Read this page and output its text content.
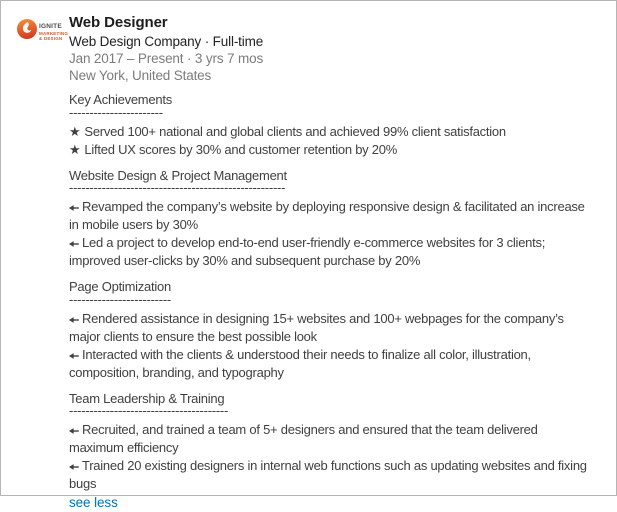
IGNITE
MARKETING
& DESIGN
Web Designer
Web Design Company · Full-time
Jan 2017 – Present · 3 yrs 7 mos
New York, United States
Key Achievements
-----------------------
★ Served 100+ national and global clients and achieved 99% client satisfaction
★ Lifted UX scores by 30% and customer retention by 20%
Website Design & Project Management
-----------------------------------------------------
Revamped the company’s website by deploying responsive design & facilitated an increase in mobile users by 30%
Led a project to develop end-to-end user-friendly e-commerce websites for 3 clients; improved user-clicks by 30% and subsequent purchase by 20%
Page Optimization
-------------------------
Rendered assistance in designing 15+ websites and 100+ webpages for the company’s major clients to ensure the best possible look
Interacted with the clients & understood their needs to finalize all color, illustration, composition, branding, and typography
Team Leadership & Training
---------------------------------------
Recruited, and trained a team of 5+ designers and ensured that the team delivered maximum efficiency
Trained 20 existing designers in internal web functions such as updating websites and fixing bugs
see less
